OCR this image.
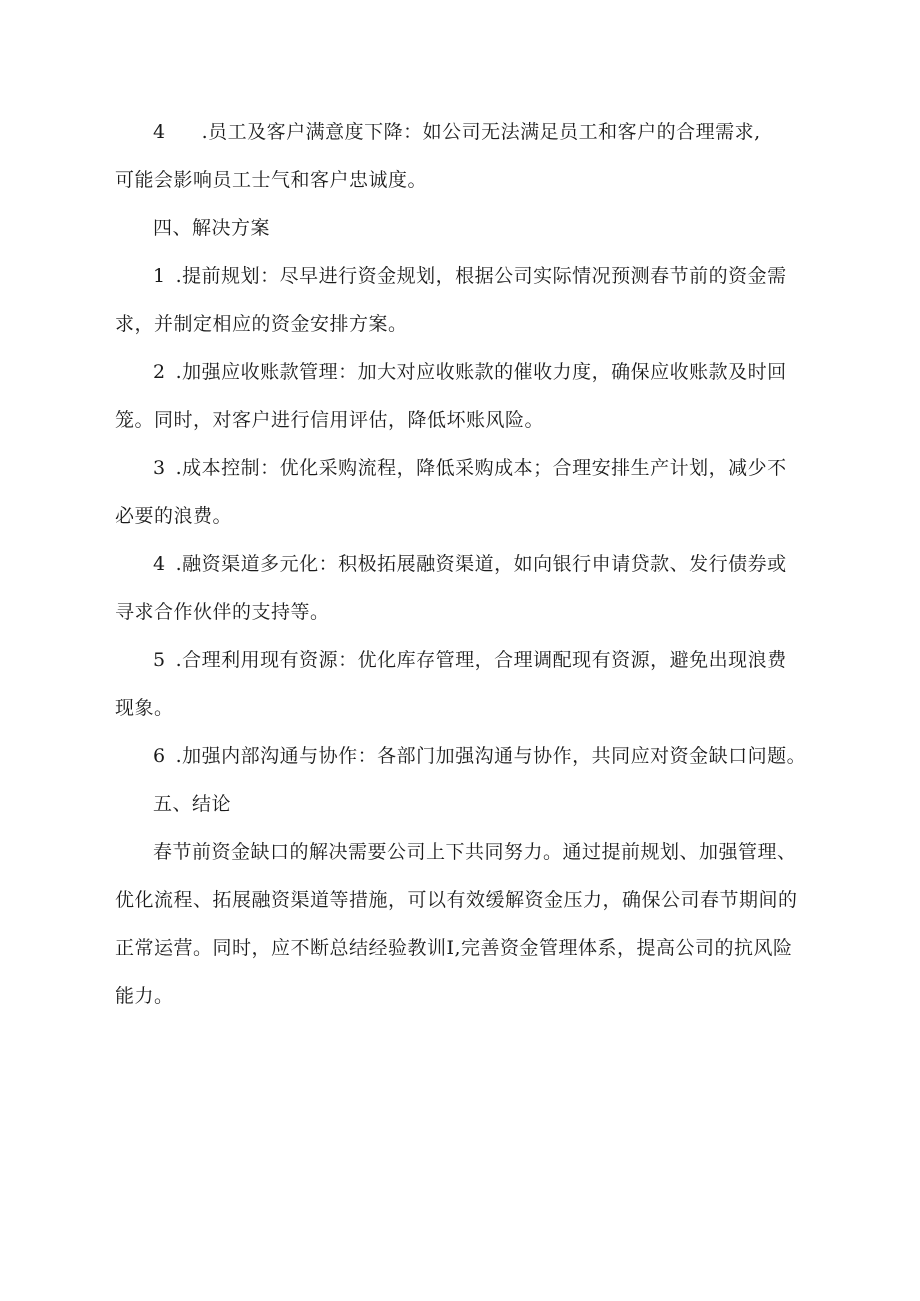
4 .员工及客户满意度下降：如公司无法满足员工和客户的合理需求,
可能会影响员工士气和客户忠诚度。
四、解决方案
1 .提前规划：尽早进行资金规划，根据公司实际情况预测春节前的资金需
求，并制定相应的资金安排方案。
2 .加强应收账款管理：加大对应收账款的催收力度，确保应收账款及时回
笼。同时，对客户进行信用评估，降低坏账风险。
3 .成本控制：优化采购流程，降低采购成本；合理安排生产计划，减少不
必要的浪费。
4 .融资渠道多元化：积极拓展融资渠道，如向银行申请贷款、发行债券或
寻求合作伙伴的支持等。
5 .合理利用现有资源：优化库存管理，合理调配现有资源，避免出现浪费
现象。
6 .加强内部沟通与协作：各部门加强沟通与协作，共同应对资金缺口问题。
五、结论
春节前资金缺口的解决需要公司上下共同努力。通过提前规划、加强管理、
优化流程、拓展融资渠道等措施，可以有效缓解资金压力，确保公司春节期间的
正常运营。同时，应不断总结经验教训I,完善资金管理体系，提高公司的抗风险
能力。
